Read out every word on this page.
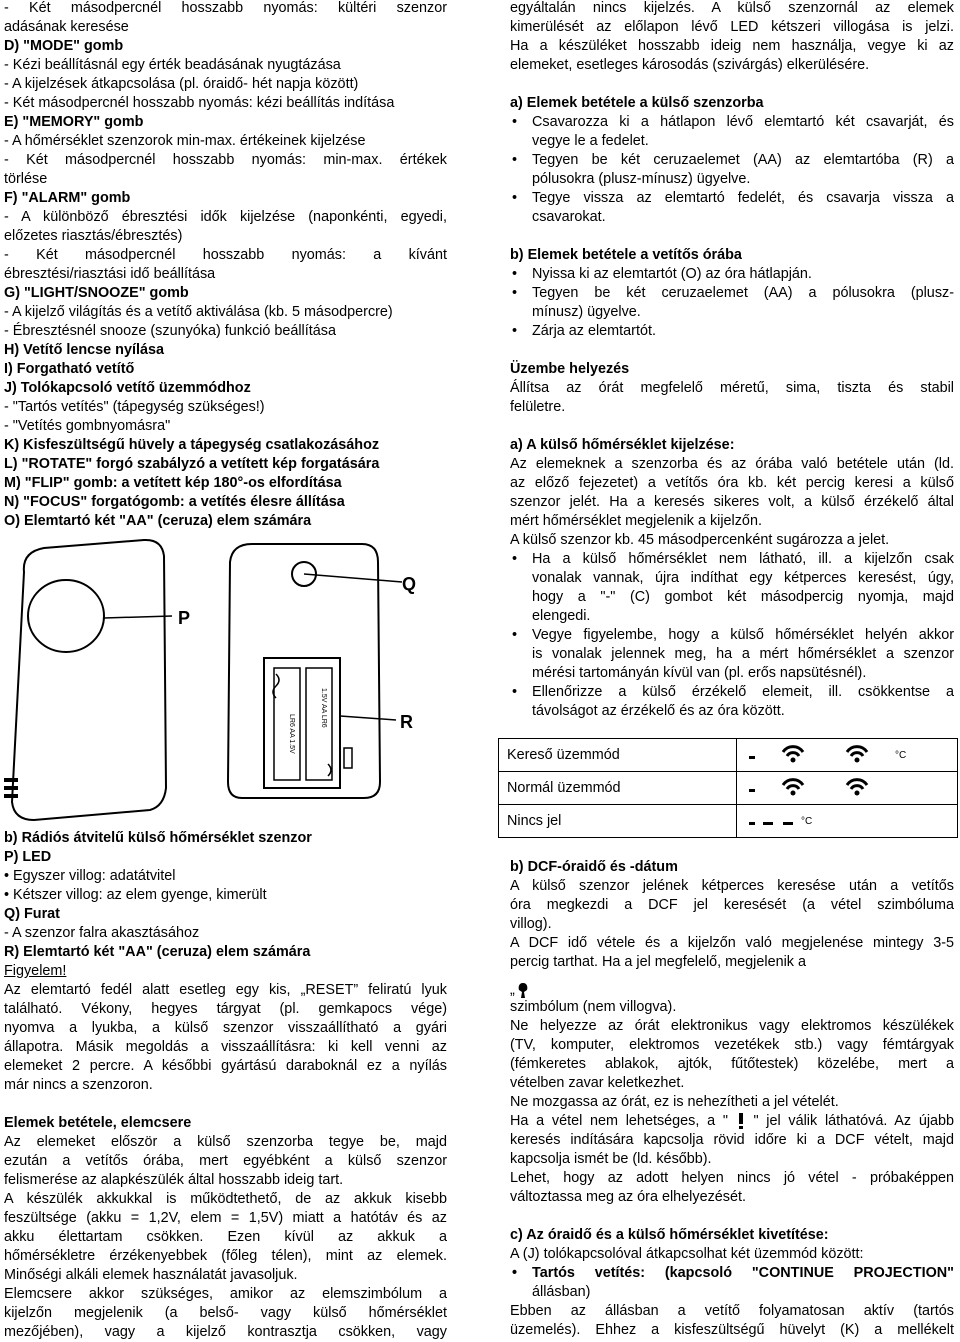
- Két másodpercnél hosszabb nyomás: kültéri szenzor
adásának keresése
D) "MODE" gomb
- Kézi beállításnál egy érték beadásának nyugtázása
- A kijelzések átkapcsolása (pl. óraidő- hét napja között)
- Két másodpercnél hosszabb nyomás: kézi beállítás indítása
E) "MEMORY" gomb
- A hőmérséklet szenzorok min-max. értékeinek kijelzése
- Két másodpercnél hosszabb nyomás: min-max. értékek
törlése
F) "ALARM" gomb
- A különböző ébresztési idők kijelzése (naponkénti, egyedi,
előzetes riasztás/ébresztés)
- Két másodpercnél hosszabb nyomás: a kívánt
ébresztési/riasztási idő beállítása
G) "LIGHT/SNOOZE" gomb
- A kijelző világítás és a vetítő aktiválása (kb. 5 másodpercre)
- Ébresztésnél snooze (szunyóka) funkció beállítása
H) Vetítő lencse nyílása
I) Forgatható vetítő
J) Tolókapcsoló vetítő üzemmódhoz
- "Tartós vetítés" (tápegység szükséges!)
- "Vetítés gombnyomásra"
K) Kisfeszültségű hüvely a tápegység csatlakozásához
L) "ROTATE" forgó szabályzó a vetített kép forgatására
M) "FLIP" gomb: a vetített kép 180°-os elfordítása
N) "FOCUS" forgatógomb: a vetítés élesre állítása
O) Elemtartó két "AA" (ceruza) elem számára
b) Rádiós átvitelű külső hőmérséklet szenzor
P) LED
• Egyszer villog: adatátvitel
• Kétszer villog: az elem gyenge, kimerült
Q) Furat
- A szenzor falra akasztásához
R) Elemtartó két "AA" (ceruza) elem számára
Figyelem!
Az elemtartó fedél alatt esetleg egy kis, „RESET” feliratú lyuk
található. Vékony, hegyes tárgyat (pl. gemkapocs vége)
nyomva a lyukba, a külső szenzor visszaállítható a gyári
állapotra. Másik megoldás a visszaállításra: ki kell venni az
elemeket 2 percre. A későbbi gyártású daraboknál ez a nyílás
már nincs a szenzoron.
Elemek betétele, elemcsere
Az elemeket először a külső szenzorba tegye be, majd
ezután a vetítős órába, mert egyébként a külső szenzor
felismerése az alapkészülék által hosszabb ideig tart.
A készülék akkukkal is működtethető, de az akkuk kisebb
feszültsége (akku = 1,2V, elem = 1,5V) miatt a hatótáv és az
akku élettartam csökken. Ezen kívül az akkuk a
hőmérsékletre érzékenyebbek (főleg télen), mint az elemek.
Minőségi alkáli elemek használatát javasoljuk.
Elemcsere akkor szükséges, amikor az elemszimbólum a
kijelzőn megjelenik (a belső- vagy külső hőmérséklet
mezőjében), vagy a kijelző kontrasztja csökken, vagy
LR6 AA 1.5V
1.5V AA LR6
Q
P
R
egyáltalán nincs kijelzés. A külső szenzornál az elemek
kimerülését az előlapon lévő LED kétszeri villogása is jelzi.
Ha a készüléket hosszabb ideig nem használja, vegye ki az
elemeket, esetleges károsodás (szivárgás) elkerülésére.
a) Elemek betétele a külső szenzorba
• Csavarozza ki a hátlapon lévő elemtartó két csavarját, és
vegye le a fedelet.
• Tegyen be két ceruzaelemet (AA) az elemtartóba (R) a
pólusokra (plusz-mínusz) ügyelve.
• Tegye vissza az elemtartó fedelét, és csavarja vissza a
csavarokat.
b) Elemek betétele a vetítős órába
• Nyissa ki az elemtartót (O) az óra hátlapján.
• Tegyen be két ceruzaelemet (AA) a pólusokra (plusz-
mínusz) ügyelve.
• Zárja az elemtartót.
Üzembe helyezés
Állítsa az órát megfelelő méretű, sima, tiszta és stabil
felületre.
a) A külső hőmérséklet kijelzése:
Az elemeknek a szenzorba és az órába való betétele után (ld.
az előző fejezetet) a vetítős óra kb. két percig keresi a külső
szenzor jelét. Ha a keresés sikeres volt, a külső érzékelő által
mért hőmérséklet megjelenik a kijelzőn.
A külső szenzor kb. 45 másodpercenként sugározza a jelet.
• Ha a külső hőmérséklet nem látható, ill. a kijelzőn csak
vonalak vannak, újra indíthat egy kétperces keresést, úgy,
hogy a "-" (C) gombot két másodpercig nyomja, majd
elengedi.
• Vegye figyelembe, hogy a külső hőmérséklet helyén akkor
is vonalak jelennek meg, ha a mért hőmérséklet a szenzor
mérési tartományán kívül van (pl. erős napsütésnél).
• Ellenőrizze a külső érzékelő elemeit, ill. csökkentse a
távolságot az érzékelő és az óra között.
b) DCF-óraidő és -dátum
A külső szenzor jelének kétperces keresése után a vetítős
óra megkezdi a DCF jel keresését (a vétel szimbóluma
villog).
A DCF idő vétele és a kijelzőn való megjelenése mintegy 3-5
percig tarthat. Ha a jel megfelelő, megjelenik a
„
szimbólum (nem villogva).
Ne helyezze az órát elektronikus vagy elektromos készülékek
(TV, komputer, elektromos vezetékek stb.) vagy fémtárgyak
(fémkeretes ablakok, ajtók, fűtőtestek) közelébe, mert a
vételben zavar keletkezhet.
Ne mozgassa az órát, ez is nehezítheti a jel vételét.
Ha a vétel nem lehetséges, a " " jel válik láthatóvá. Az újabb
keresés indítására kapcsolja rövid időre ki a DCF vételt, majd
kapcsolja ismét be (ld. később).
Lehet, hogy az adott helyen nincs jó vétel - próbaképpen
változtassa meg az óra elhelyezését.
c) Az óraidő és a külső hőmérséklet kivetítése:
A (J) tolókapcsolóval átkapcsolhat két üzemmód között:
• Tartós vetítés: (kapcsoló "CONTINUE PROJECTION"
állásban)
Ebben az állásban a vetítő folyamatosan aktív (tartós
üzemelés). Ehhez a kisfeszültségű hüvelyt (K) a mellékelt
Kereső üzemmód	°C

Normál üzemmód	
Nincs jel	°C
